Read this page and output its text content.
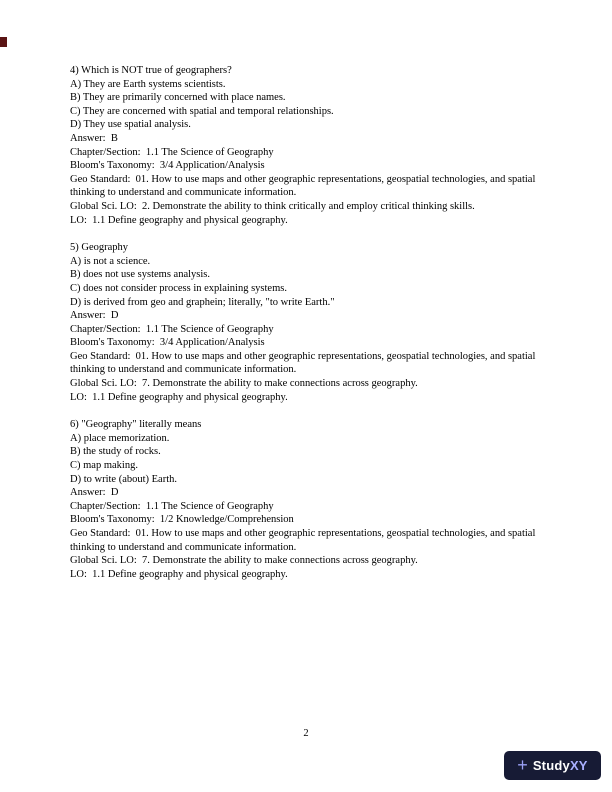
4) Which is NOT true of geographers?
A) They are Earth systems scientists.
B) They are primarily concerned with place names.
C) They are concerned with spatial and temporal relationships.
D) They use spatial analysis.
Answer:  B
Chapter/Section:  1.1 The Science of Geography
Bloom's Taxonomy:  3/4 Application/Analysis
Geo Standard:  01. How to use maps and other geographic representations, geospatial technologies, and spatial thinking to understand and communicate information.
Global Sci. LO:  2. Demonstrate the ability to think critically and employ critical thinking skills.
LO:  1.1 Define geography and physical geography.
5) Geography
A) is not a science.
B) does not use systems analysis.
C) does not consider process in explaining systems.
D) is derived from geo and graphein; literally, "to write Earth."
Answer:  D
Chapter/Section:  1.1 The Science of Geography
Bloom's Taxonomy:  3/4 Application/Analysis
Geo Standard:  01. How to use maps and other geographic representations, geospatial technologies, and spatial thinking to understand and communicate information.
Global Sci. LO:  7. Demonstrate the ability to make connections across geography.
LO:  1.1 Define geography and physical geography.
6) "Geography" literally means
A) place memorization.
B) the study of rocks.
C) map making.
D) to write (about) Earth.
Answer:  D
Chapter/Section:  1.1 The Science of Geography
Bloom's Taxonomy:  1/2 Knowledge/Comprehension
Geo Standard:  01. How to use maps and other geographic representations, geospatial technologies, and spatial thinking to understand and communicate information.
Global Sci. LO:  7. Demonstrate the ability to make connections across geography.
LO:  1.1 Define geography and physical geography.
2
+ Study XY
